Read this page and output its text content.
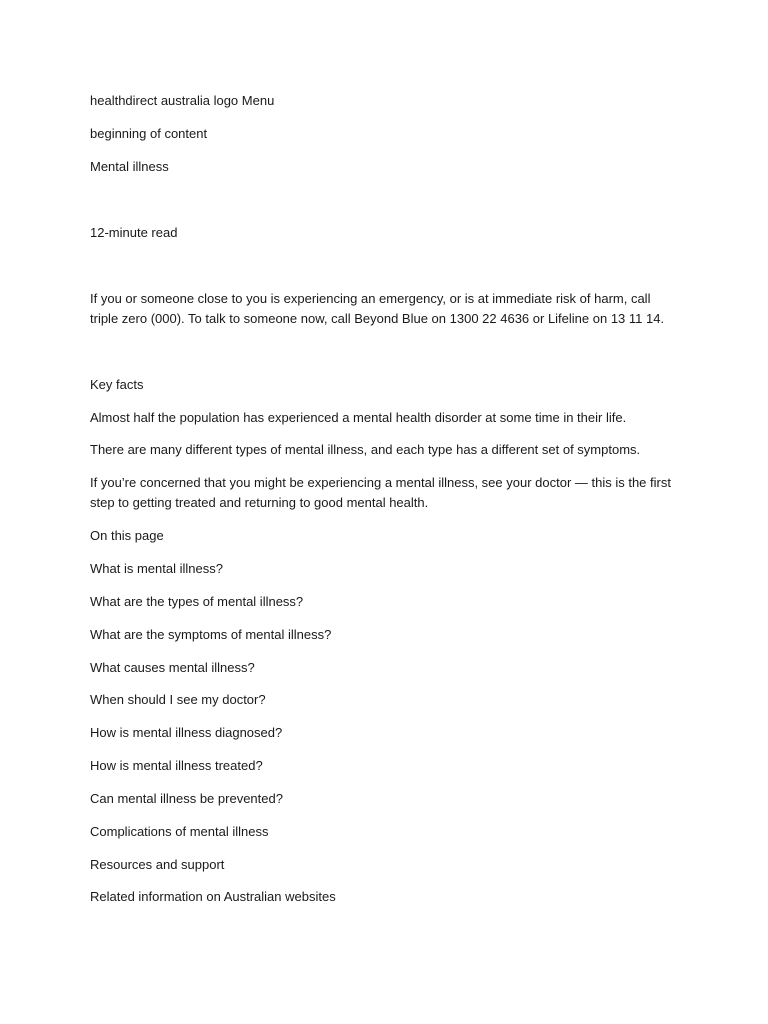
healthdirect australia logo Menu
beginning of content
Mental illness
12-minute read
If you or someone close to you is experiencing an emergency, or is at immediate risk of harm, call triple zero (000). To talk to someone now, call Beyond Blue on 1300 22 4636 or Lifeline on 13 11 14.
Key facts
Almost half the population has experienced a mental health disorder at some time in their life.
There are many different types of mental illness, and each type has a different set of symptoms.
If you’re concerned that you might be experiencing a mental illness, see your doctor — this is the first step to getting treated and returning to good mental health.
On this page
What is mental illness?
What are the types of mental illness?
What are the symptoms of mental illness?
What causes mental illness?
When should I see my doctor?
How is mental illness diagnosed?
How is mental illness treated?
Can mental illness be prevented?
Complications of mental illness
Resources and support
Related information on Australian websites
